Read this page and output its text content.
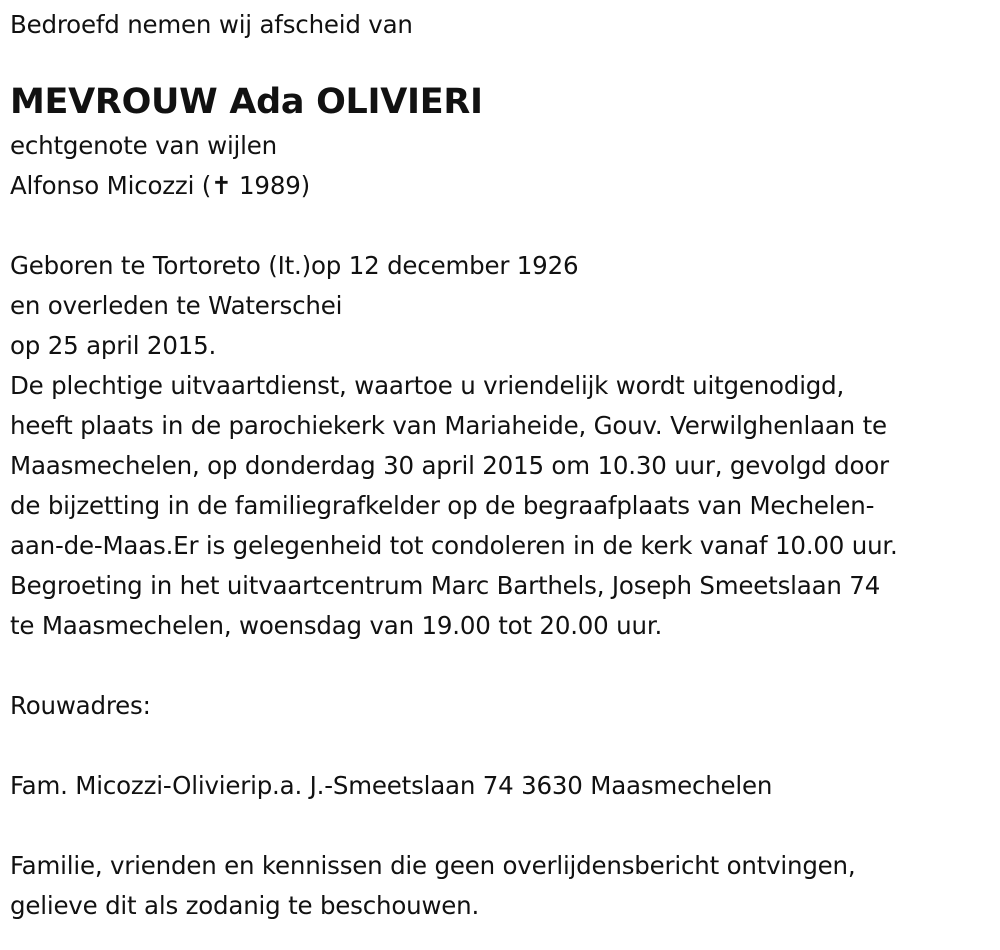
Bedroefd nemen wij afscheid van
MEVROUW Ada OLIVIERI
echtgenote van wijlen
Alfonso Micozzi (✝ 1989)
Geboren te Tortoreto (It.)op 12 december 1926
en overleden te Waterschei
op 25 april 2015.
De plechtige uitvaartdienst, waartoe u vriendelijk wordt uitgenodigd,
heeft plaats in de parochiekerk van Mariaheide, Gouv. Verwilghenlaan te
Maasmechelen, op donderdag 30 april 2015 om 10.30 uur, gevolgd door
de bijzetting in de familiegrafkelder op de begraafplaats van Mechelen-
aan-de-Maas.Er is gelegenheid tot condoleren in de kerk vanaf 10.00 uur.
Begroeting in het uitvaartcentrum Marc Barthels, Joseph Smeetslaan 74
te Maasmechelen, woensdag van 19.00 tot 20.00 uur.
Rouwadres:
Fam. Micozzi-Olivierip.a. J.-Smeetslaan 74 3630 Maasmechelen
Familie, vrienden en kennissen die geen overlijdensbericht ontvingen,
gelieve dit als zodanig te beschouwen.
